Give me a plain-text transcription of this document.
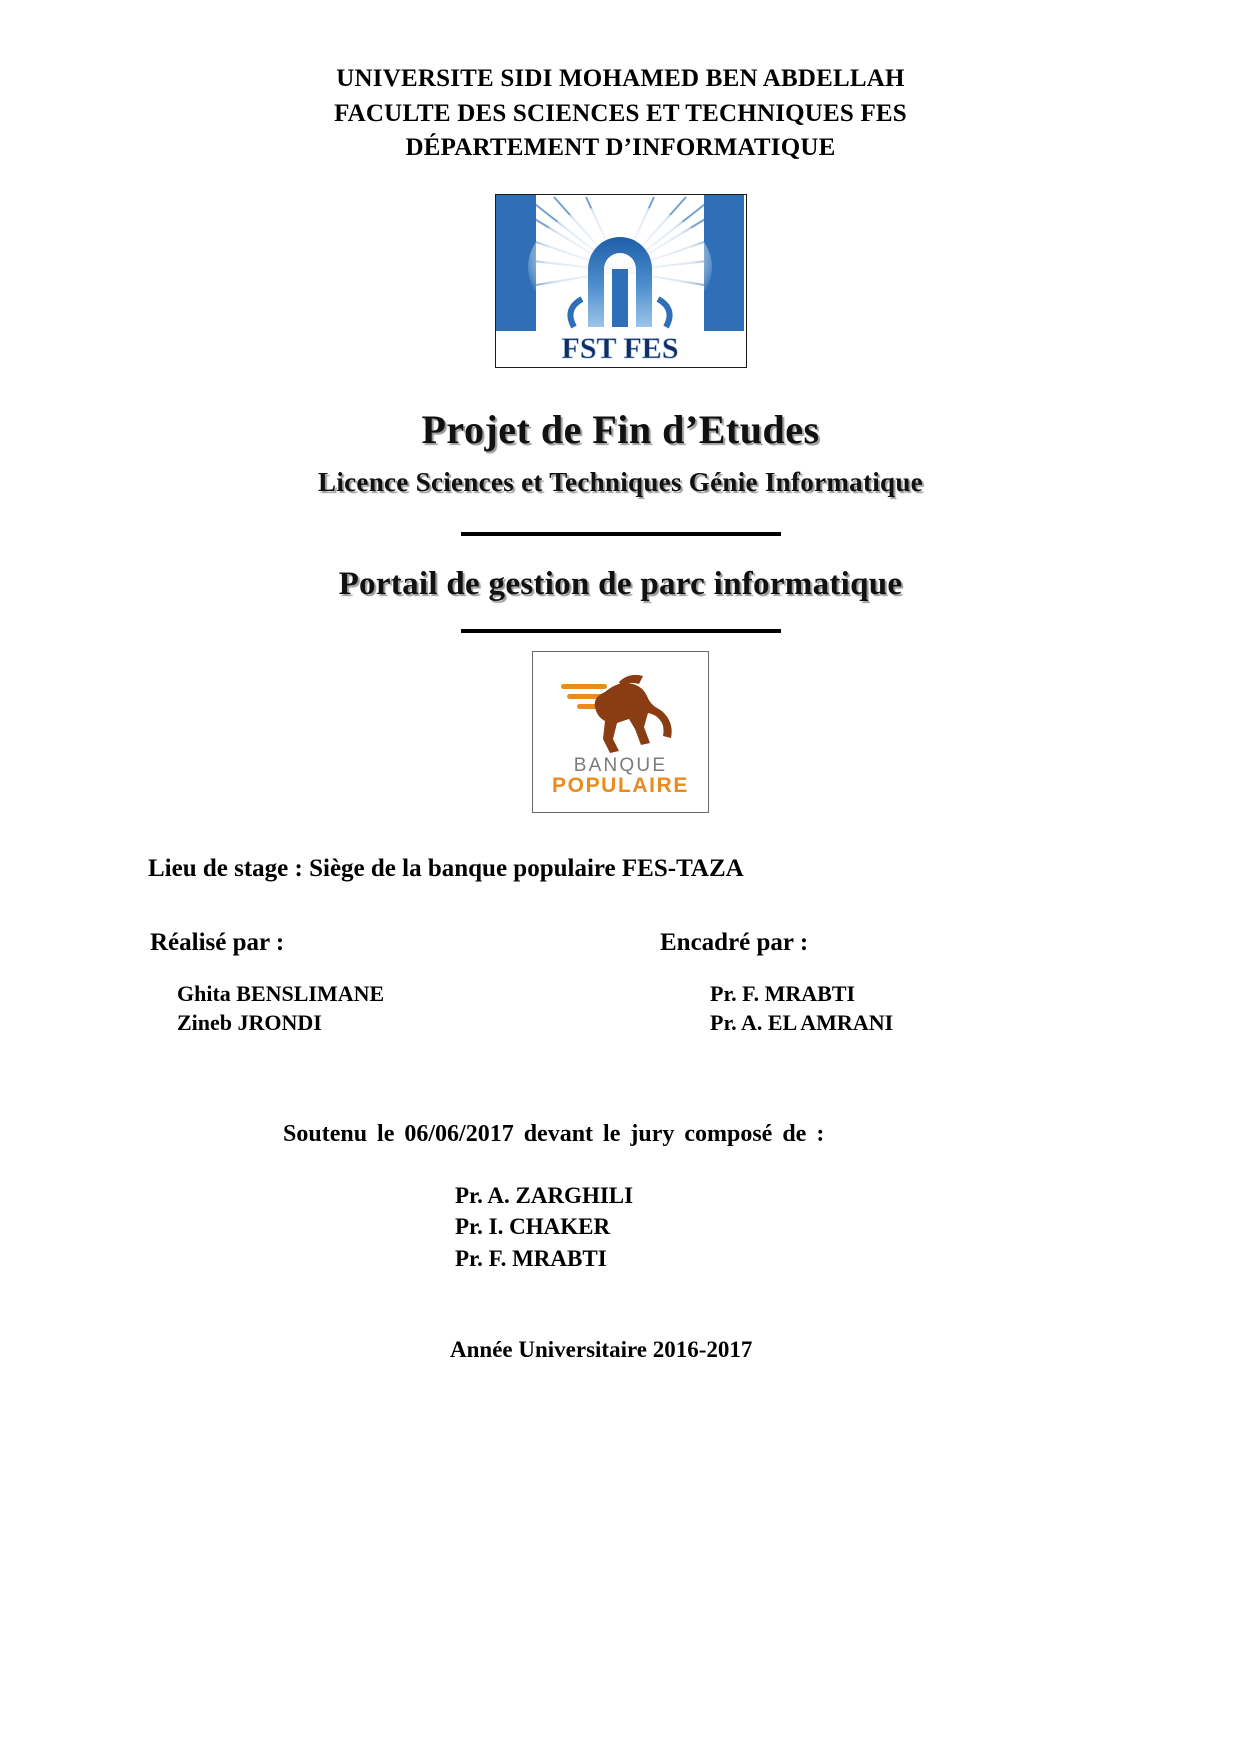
UNIVERSITE SIDI MOHAMED BEN ABDELLAH
FACULTE DES SCIENCES ET TECHNIQUES FES
DÉPARTEMENT D’INFORMATIQUE
FST FES
Projet de Fin d’Etudes
Licence Sciences et Techniques Génie Informatique
Portail de gestion de parc informatique
BANQUE
POPULAIRE
Lieu de stage : Siège de la banque populaire FES-TAZA
Réalisé par :
Ghita BENSLIMANE
Zineb JRONDI
Encadré par :
Pr. F. MRABTI
Pr. A. EL AMRANI
Soutenu le 06/06/2017 devant le jury composé de :
Pr. A. ZARGHILI
Pr. I. CHAKER
Pr. F. MRABTI
Année Universitaire 2016-2017
